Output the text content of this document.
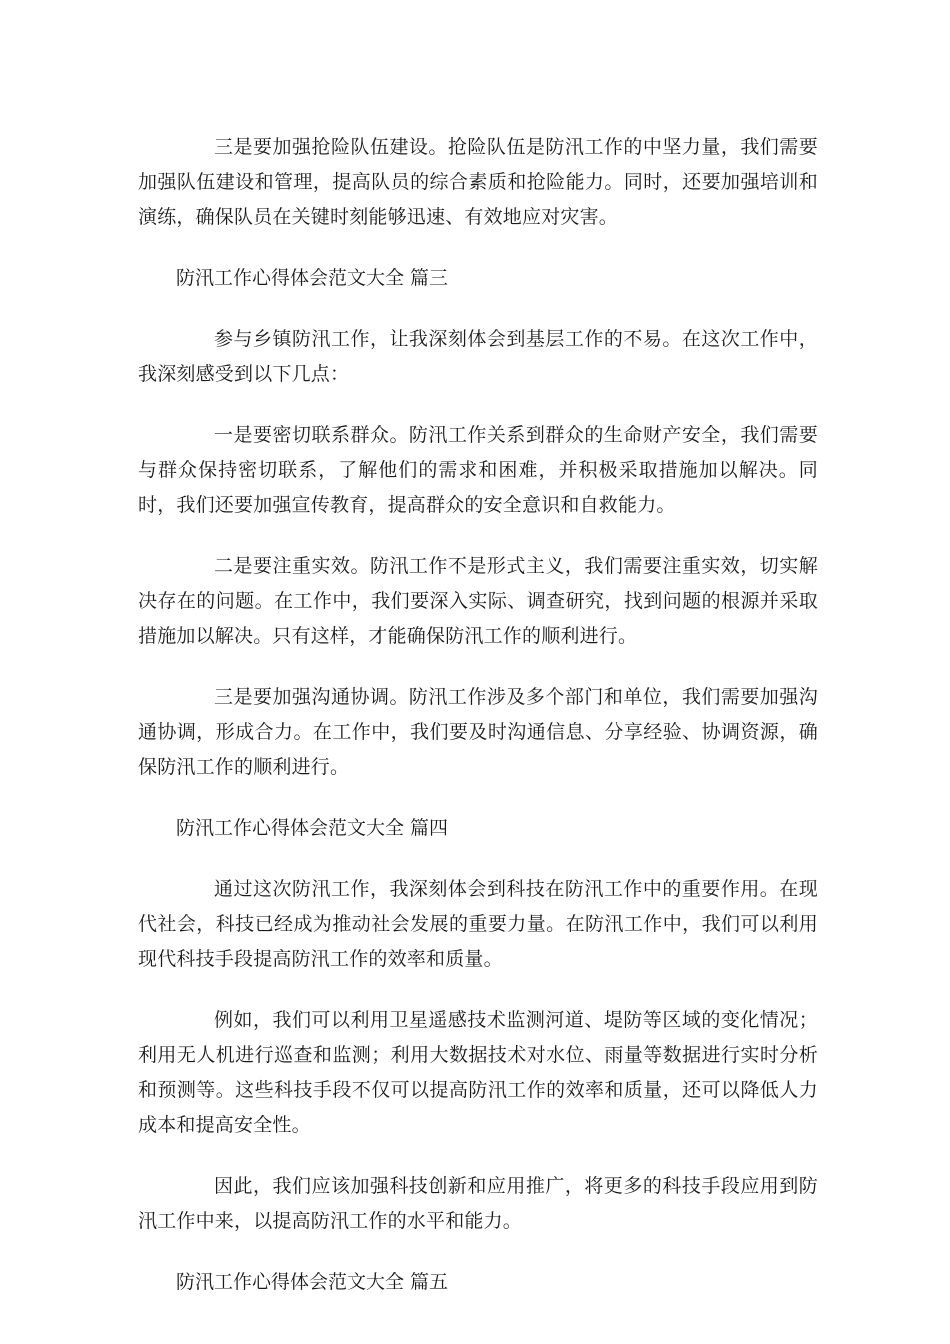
三是要加强抢险队伍建设。抢险队伍是防汛工作的中坚力量，我们需要加强队伍建设和管理，提高队员的综合素质和抢险能力。同时，还要加强培训和演练，确保队员在关键时刻能够迅速、有效地应对灾害。

防汛工作心得体会范文大全 篇三

参与乡镇防汛工作，让我深刻体会到基层工作的不易。在这次工作中，我深刻感受到以下几点：

一是要密切联系群众。防汛工作关系到群众的生命财产安全，我们需要与群众保持密切联系，了解他们的需求和困难，并积极采取措施加以解决。同时，我们还要加强宣传教育，提高群众的安全意识和自救能力。

二是要注重实效。防汛工作不是形式主义，我们需要注重实效，切实解决存在的问题。在工作中，我们要深入实际、调查研究，找到问题的根源并采取措施加以解决。只有这样，才能确保防汛工作的顺利进行。

三是要加强沟通协调。防汛工作涉及多个部门和单位，我们需要加强沟通协调，形成合力。在工作中，我们要及时沟通信息、分享经验、协调资源，确保防汛工作的顺利进行。

防汛工作心得体会范文大全 篇四

通过这次防汛工作，我深刻体会到科技在防汛工作中的重要作用。在现代社会，科技已经成为推动社会发展的重要力量。在防汛工作中，我们可以利用现代科技手段提高防汛工作的效率和质量。

例如，我们可以利用卫星遥感技术监测河道、堤防等区域的变化情况；利用无人机进行巡查和监测；利用大数据技术对水位、雨量等数据进行实时分析和预测等。这些科技手段不仅可以提高防汛工作的效率和质量，还可以降低人力成本和提高安全性。

因此，我们应该加强科技创新和应用推广，将更多的科技手段应用到防汛工作中来，以提高防汛工作的水平和能力。

防汛工作心得体会范文大全 篇五
